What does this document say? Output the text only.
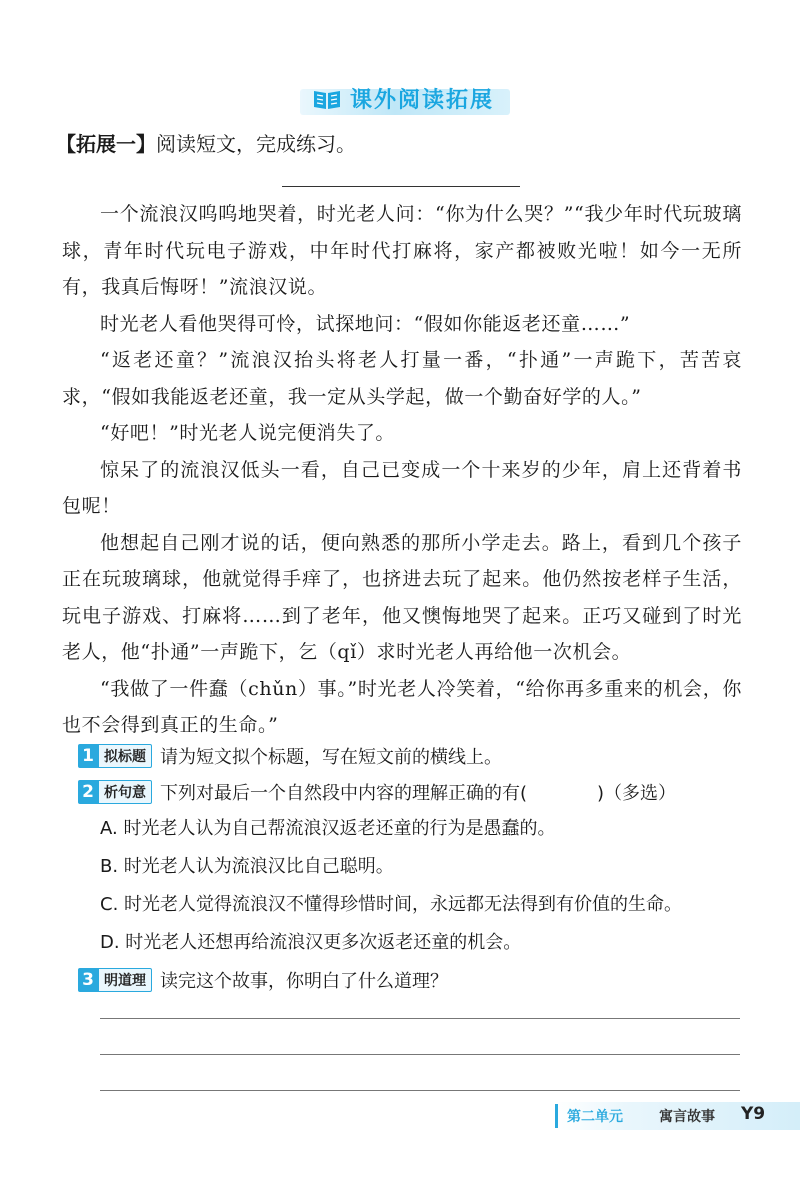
课外阅读拓展
【拓展一】阅读短文，完成练习。

一个流浪汉呜呜地哭着，时光老人问：“你为什么哭？”“我少年时代玩玻璃球，青年时代玩电子游戏，中年时代打麻将，家产都被败光啦！如今一无所有，我真后悔呀！”流浪汉说。

时光老人看他哭得可怜，试探地问：“假如你能返老还童……”

“返老还童？”流浪汉抬头将老人打量一番，“扑通”一声跪下，苦苦哀求，“假如我能返老还童，我一定从头学起，做一个勤奋好学的人。”

“好吧！”时光老人说完便消失了。

惊呆了的流浪汉低头一看，自己已变成一个十来岁的少年，肩上还背着书包呢！

他想起自己刚才说的话，便向熟悉的那所小学走去。路上，看到几个孩子正在玩玻璃球，他就觉得手痒了，也挤进去玩了起来。他仍然按老样子生活，玩电子游戏、打麻将……到了老年，他又懊悔地哭了起来。正巧又碰到了时光老人，他“扑通”一声跪下，乞（qǐ）求时光老人再给他一次机会。

“我做了一件蠢（chǔn）事。”时光老人冷笑着，“给你再多重来的机会，你也不会得到真正的生命。”

1 拟标题 请为短文拟个标题，写在短文前的横线上。
2 析句意 下列对最后一个自然段中内容的理解正确的有(	)（多选）
A. 时光老人认为自己帮流浪汉返老还童的行为是愚蠢的。
B. 时光老人认为流浪汉比自己聪明。
C. 时光老人觉得流浪汉不懂得珍惜时间，永远都无法得到有价值的生命。
D. 时光老人还想再给流浪汉更多次返老还童的机会。
3 明道理 读完这个故事，你明白了什么道理？
第二单元	寓言故事 Y9
